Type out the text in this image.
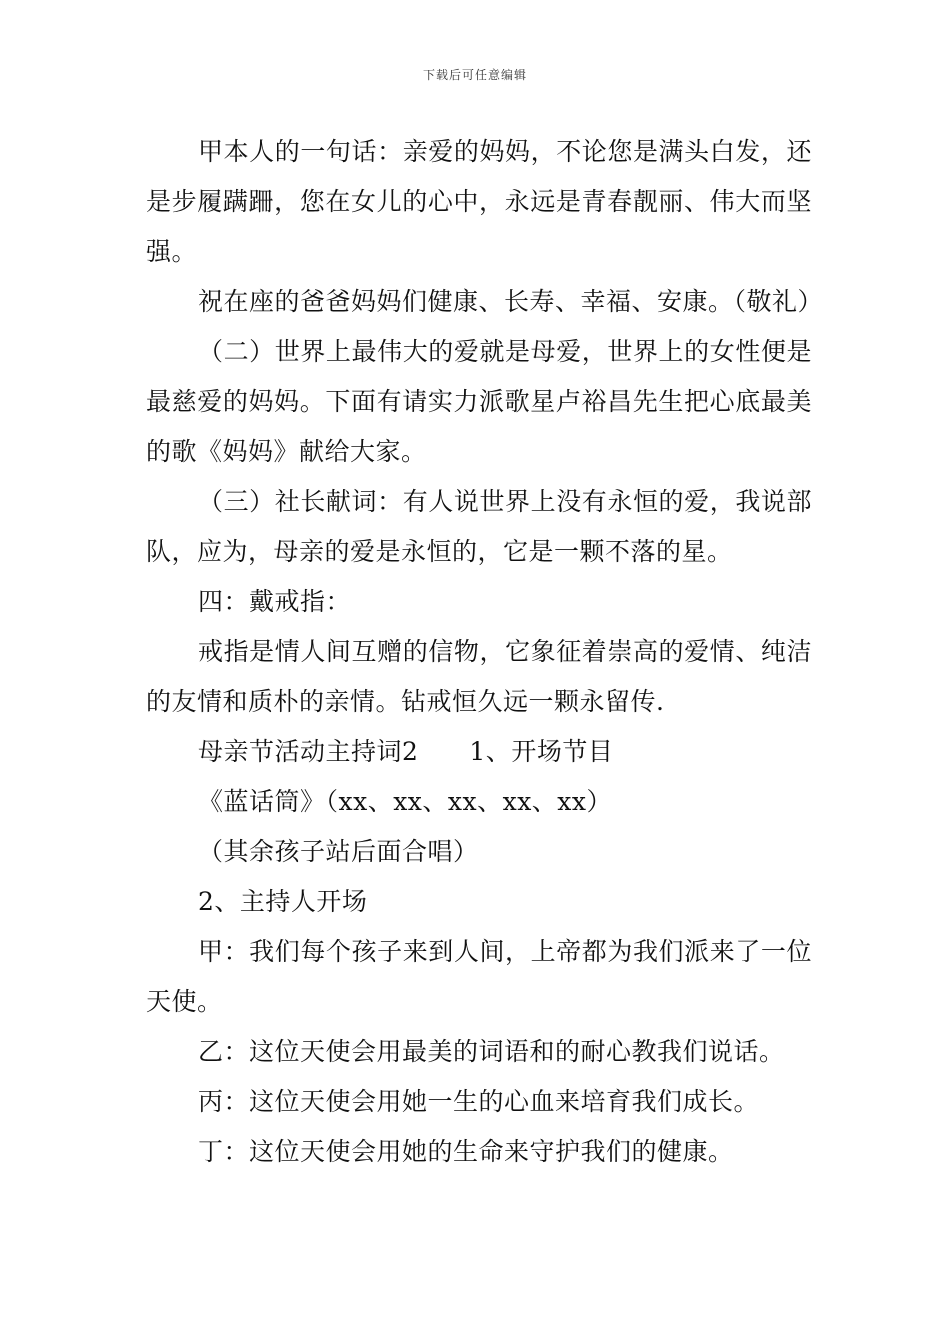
下载后可任意编辑

甲本人的一句话：亲爱的妈妈，不论您是满头白发，还是步履蹒跚，您在女儿的心中，永远是青春靓丽、伟大而坚强。

祝在座的爸爸妈妈们健康、长寿、幸福、安康。（敬礼）

（二）世界上最伟大的爱就是母爱，世界上的女性便是最慈爱的妈妈。下面有请实力派歌星卢裕昌先生把心底最美的歌《妈妈》献给大家。

（三）社长献词：有人说世界上没有永恒的爱，我说部队，应为，母亲的爱是永恒的，它是一颗不落的星。

四：戴戒指：

戒指是情人间互赠的信物，它象征着崇高的爱情、纯洁的友情和质朴的亲情。钻戒恒久远一颗永留传.

母亲节活动主持词2　　1、开场节目

《蓝话筒》（xx、xx、xx、xx、xx）

（其余孩子站后面合唱）

2、主持人开场

甲：我们每个孩子来到人间，上帝都为我们派来了一位天使。

乙：这位天使会用最美的词语和的耐心教我们说话。

丙：这位天使会用她一生的心血来培育我们成长。

丁：这位天使会用她的生命来守护我们的健康。
